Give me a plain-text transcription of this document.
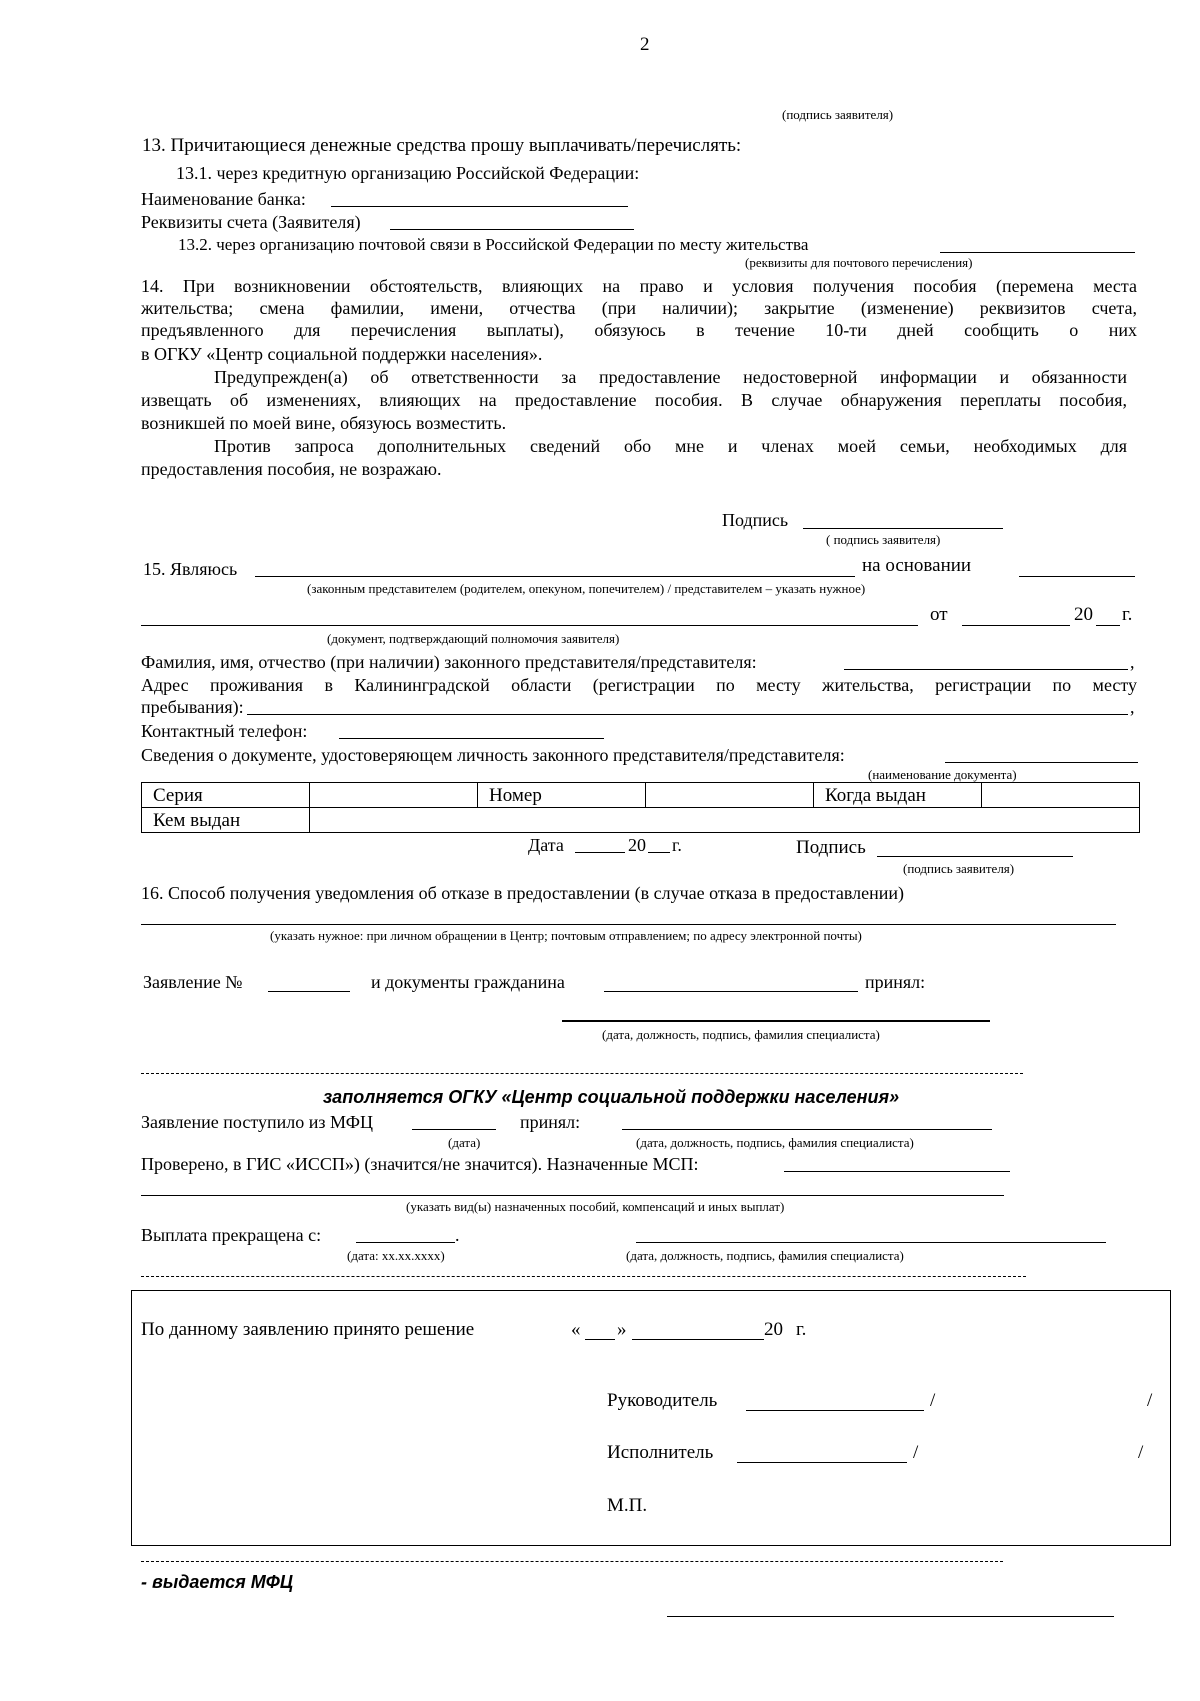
2
(подпись заявителя)
13. Причитающиеся денежные средства прошу выплачивать/перечислять:
13.1. через кредитную организацию Российской Федерации:
Наименование банка:
Реквизиты счета (Заявителя)
13.2. через организацию почтовой связи в Российской Федерации по месту жительства
(реквизиты для почтового перечисления)
14. При возникновении обстоятельств, влияющих на право и условия получения пособия (перемена места
жительства; смена фамилии, имени, отчества (при наличии); закрытие (изменение) реквизитов счета,
предъявленного для перечисления выплаты), обязуюсь в течение 10-ти дней сообщить о них
в ОГКУ «Центр социальной поддержки населения».
Предупрежден(а) об ответственности за предоставление недостоверной информации и обязанности
извещать об изменениях, влияющих на предоставление пособия. В случае обнаружения переплаты пособия,
возникшей по моей вине, обязуюсь возместить.
Против запроса дополнительных сведений обо мне и членах моей семьи, необходимых для
предоставления пособия, не возражаю.
Подпись
( подпись заявителя)
15. Являюсь	на основании
(законным представителем (родителем, опекуном, попечителем) / представителем – указать нужное)
от	20 г.
(документ, подтверждающий полномочия заявителя)
Фамилия, имя, отчество (при наличии) законного представителя/представителя:	,
Адрес проживания в Калининградской области (регистрации по месту жительства, регистрации по месту
пребывания):	,
Контактный телефон:
Сведения о документе, удостоверяющем личность законного представителя/представителя:
(наименование документа)
Серия		Номер		Когда выдан	
Кем выдан					
Дата	20 г.	Подпись
(подпись заявителя)
16. Способ получения уведомления об отказе в предоставлении (в случае отказа в предоставлении)
(указать нужное: при личном обращении в Центр; почтовым отправлением; по адресу электронной почты)
Заявление №	и документы гражданина	принял:
(дата, должность, подпись, фамилия специалиста)
заполняется ОГКУ «Центр социальной поддержки населения»
Заявление поступило из МФЦ	принял:
(дата)	(дата, должность, подпись, фамилия специалиста)
Проверено, в ГИС «ИССП») (значится/не значится). Назначенные МСП:
(указать вид(ы) назначенных пособий, компенсаций и иных выплат)
Выплата прекращена с:	.
(дата: xx.xx.xxxx)	(дата, должность, подпись, фамилия специалиста)
По данному заявлению принято решение	« »	20 г.
Руководитель	/	/
Исполнитель	/	/
М.П.
- выдается МФЦ
